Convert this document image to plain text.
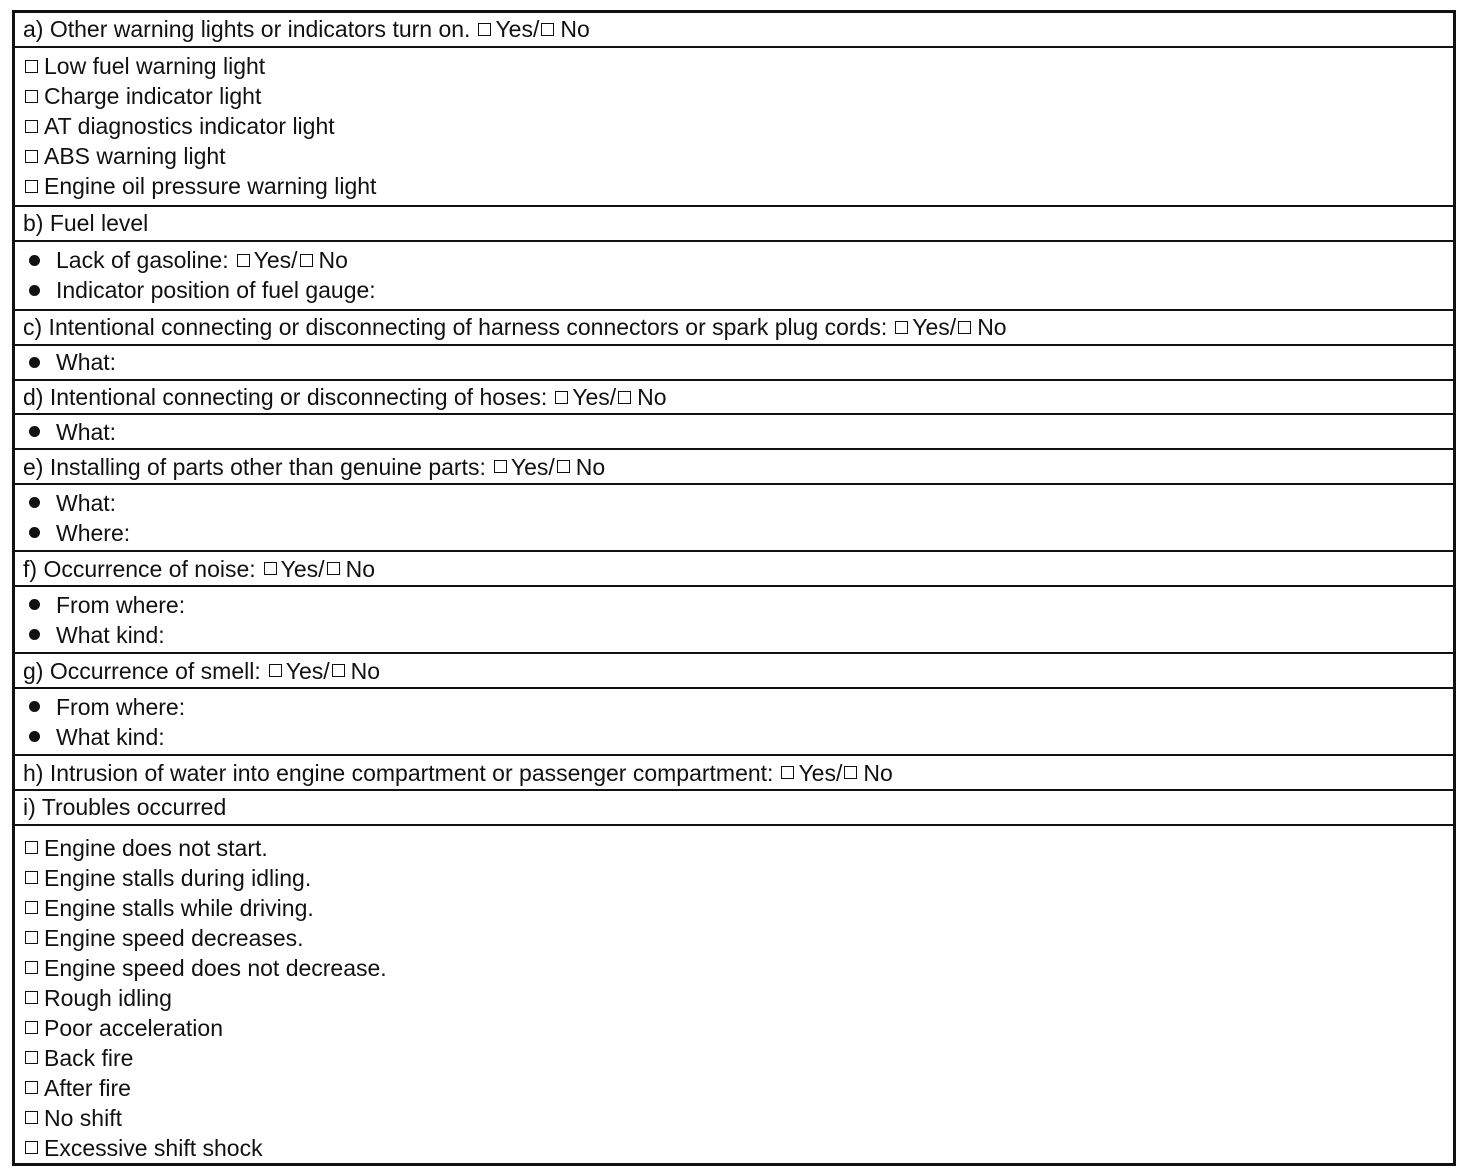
a) Other warning lights or indicators turn on. Yes/ No
Low fuel warning light
Charge indicator light
AT diagnostics indicator light
ABS warning light
Engine oil pressure warning light
b) Fuel level
Lack of gasoline: Yes/ No
Indicator position of fuel gauge:
c) Intentional connecting or disconnecting of harness connectors or spark plug cords: Yes/ No
What:
d) Intentional connecting or disconnecting of hoses: Yes/ No
What:
e) Installing of parts other than genuine parts: Yes/ No
What:
Where:
f) Occurrence of noise: Yes/ No
From where:
What kind:
g) Occurrence of smell: Yes/ No
From where:
What kind:
h) Intrusion of water into engine compartment or passenger compartment: Yes/ No
i) Troubles occurred
Engine does not start.
Engine stalls during idling.
Engine stalls while driving.
Engine speed decreases.
Engine speed does not decrease.
Rough idling
Poor acceleration
Back fire
After fire
No shift
Excessive shift shock
